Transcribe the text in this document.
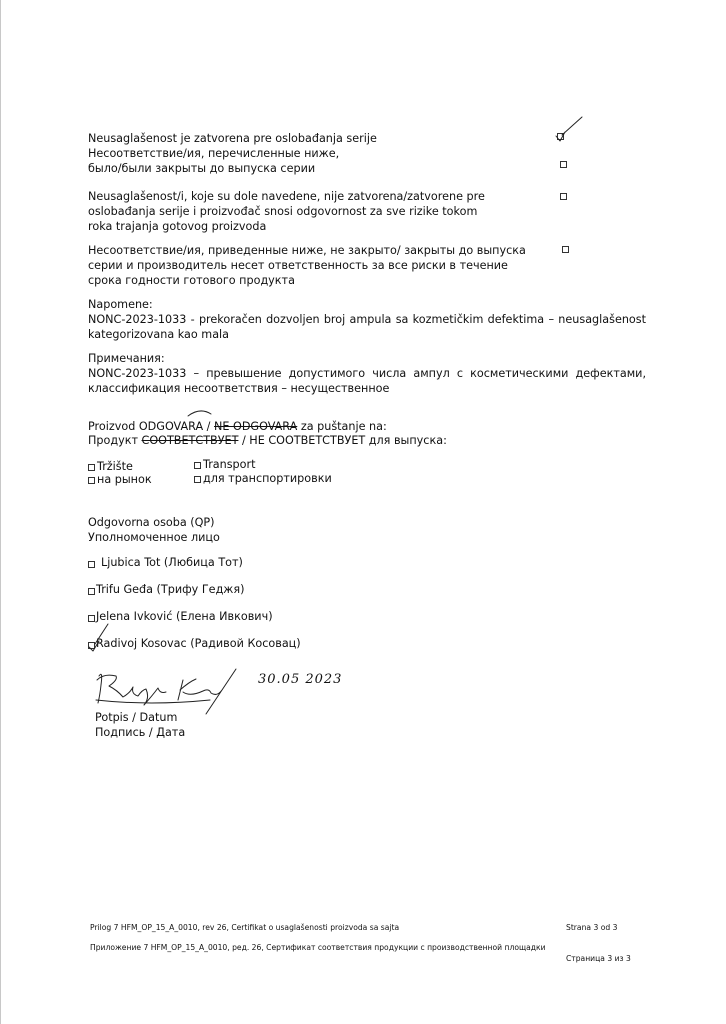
Neusaglašenost je zatvorena pre oslobađanja serije
Несоответствие/ия, перечисленные ниже,
было/были закрыты до выпуска серии
Neusaglašenost/i, koje su dole navedene, nije zatvorena/zatvorene pre
oslobađanja serije i proizvođač snosi odgovornost za sve rizike tokom
roka trajanja gotovog proizvoda
Несоответствие/ия, приведенные ниже, не закрыто/ закрыты до выпуска
серии и производитель несет ответственность за все риски в течение
срока годности готового продукта
Napomene:
NONC-2023-1033 - prekoračen dozvoljen broj ampula sa kozmetičkim defektima – neusaglašenost kategorizovana kao mala
Примечания:
NONC-2023-1033 – превышение допустимого числа ампул с косметическими дефектами, классификация несоответствия – несущественное
Proizvod ODGOVARA / NE ODGOVARA za puštanje na:
Продукт СООТВЕТСТВУЕТ / НЕ СООТВЕТСТВУЕТ для выпуска:
Tržište
на рынок
Transport
для транспортировки
Odgovorna osoba (QP)
Уполномоченное лицо
Ljubica Tot (Любица Тот)
Trifu Geđa (Трифу Геджя)
Jelena Ivković (Елена Ивкович)
Radivoj Kosovac (Радивой Косовац)
30.05 2023
Potpis / Datum
Подпись / Дата
Prilog 7 HFM_OP_15_A_0010, rev 26, Certifikat o usaglašenosti proizvoda sa sajta	Strana 3 od 3
Приложение 7 HFM_OP_15_A_0010, ред. 26, Сертификат соответствия продукции с производственной площадки
Страница 3 из 3
